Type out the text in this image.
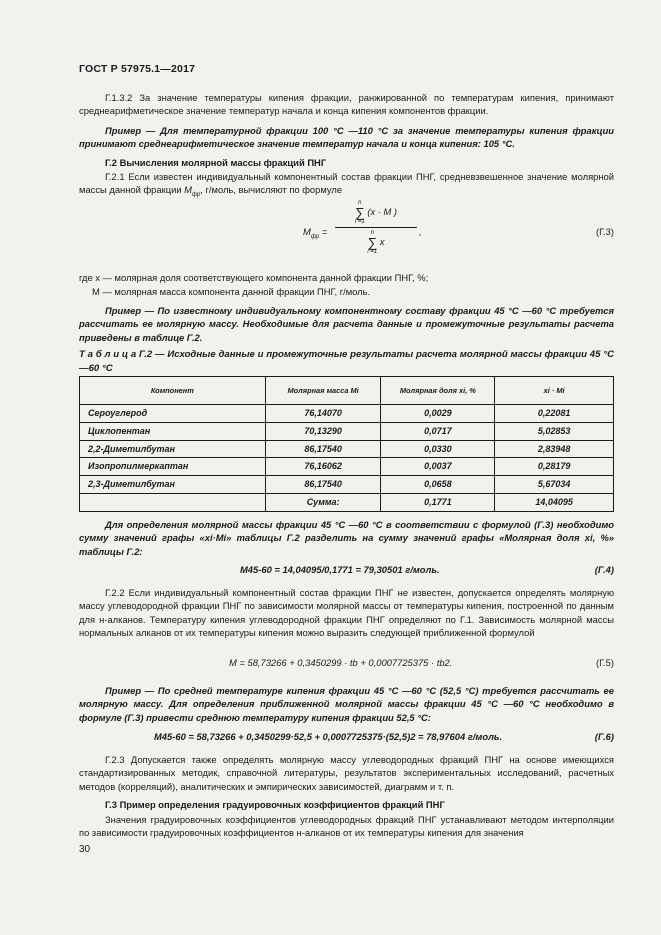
ГОСТ Р 57975.1—2017

Г.1.3.2 За значение температуры кипения фракции, ранжированной по температурам кипения, принимают среднеарифметическое значение температур начала и конца кипения компонентов фракции.

Пример — Для температурной фракции 100 °С —110 °С за значение температуры кипения фракции принимают среднеарифметическое значение температур начала и конца кипения: 105 °С.

Г.2 Вычисления молярной массы фракций ПНГ

Г.2.1 Если известен индивидуальный компонентный состав фракции ПНГ, средневзвешенное значение молярной массы данной фракции $M_{фр}$, г/моль, вычисляют по формуле

$M_{фр}$ =
n
∑
i =1
(x · M )
n
∑
i =1
x
,	(Г.3)

где x — молярная доля соответствующего компонента данной фракции ПНГ, %;

M — молярная масса компонента данной фракции ПНГ, г/моль.

Пример — По известному индивидуальному компонентному составу фракции 45 °С —60 °С требуется рассчитать ее молярную массу. Необходимые для расчета данные и промежуточные результаты расчета приведены в таблице Г.2.

Т а б л и ц а Г.2 — Исходные данные и промежуточные результаты расчета молярной массы фракции 45 °С —60 °С

Компонент	Молярная масса Mi	Молярная доля xi, %	xi · Mi
Сероуглерод	76,14070	0,0029	0,22081
Циклопентан	70,13290	0,0717	5,02853
2,2-Диметилбутан	86,17540	0,0330	2,83948
Изопропилмеркаптан	76,16062	0,0037	0,28179
2,3-Диметилбутан	86,17540	0,0658	5,67034
	Сумма:	0,1771	14,04095

Для определения молярной массы фракции 45 °С —60 °С в соответствии с формулой (Г.3) необходимо сумму значений графы «xi·Mi» таблицы Г.2 разделить на сумму значений графы «Молярная доля xi, %» таблицы Г.2:

M45-60 = 14,04095/0,1771 = 79,30501 г/моль.	(Г.4)

Г.2.2 Если индивидуальный компонентный состав фракции ПНГ не известен, допускается определять молярную массу углеводородной фракции ПНГ по зависимости молярной массы от температуры кипения, построенной по данным для н-алканов. Температуру кипения углеводородной фракции ПНГ определяют по Г.1. Зависимость молярной массы нормальных алканов от их температуры кипения можно выразить следующей приближенной формулой

M = 58,73266 + 0,3450299 · tb + 0,0007725375 · tb2.	(Г.5)

Пример — По средней температуре кипения фракции 45 °С —60 °С (52,5 °С) требуется рассчитать ее молярную массу. Для определения приближенной молярной массы фракции 45 °С —60 °С необходимо в формуле (Г.3) привести среднюю температуру кипения фракции 52,5 °С:

M45-60 = 58,73266 + 0,3450299·52,5 + 0,0007725375·(52,5)2 = 78,97604 г/моль.	(Г.6)

Г.2.3 Допускается также определять молярную массу углеводородных фракций ПНГ на основе имеющихся стандартизированных методик, справочной литературы, результатов экспериментальных исследований, расчетных методов (корреляций), аналитических и эмпирических зависимостей, диаграмм и т. п.

Г.3 Пример определения градуировочных коэффициентов фракций ПНГ

Значения градуировочных коэффициентов углеводородных фракций ПНГ устанавливают методом интерполяции по зависимости градуировочных коэффициентов н-алканов от их температуры кипения для значения

30
